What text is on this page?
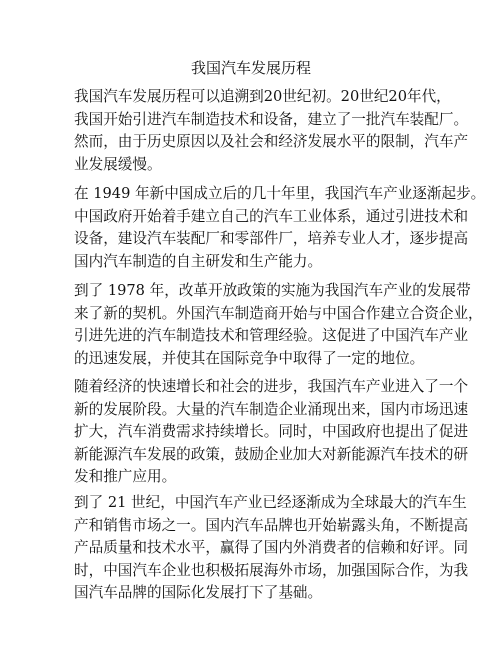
我国汽车发展历程
我国汽车发展历程可以追溯到20世纪初。20世纪20年代，
我国开始引进汽车制造技术和设备，建立了一批汽车装配厂。
然而，由于历史原因以及社会和经济发展水平的限制，汽车产
业发展缓慢。
在 1949 年新中国成立后的几十年里，我国汽车产业逐渐起步。
中国政府开始着手建立自己的汽车工业体系，通过引进技术和
设备，建设汽车装配厂和零部件厂，培养专业人才，逐步提高
国内汽车制造的自主研发和生产能力。
到了 1978 年，改革开放政策的实施为我国汽车产业的发展带
来了新的契机。外国汽车制造商开始与中国合作建立合资企业，
引进先进的汽车制造技术和管理经验。这促进了中国汽车产业
的迅速发展，并使其在国际竞争中取得了一定的地位。
随着经济的快速增长和社会的进步，我国汽车产业进入了一个
新的发展阶段。大量的汽车制造企业涌现出来，国内市场迅速
扩大，汽车消费需求持续增长。同时，中国政府也提出了促进
新能源汽车发展的政策，鼓励企业加大对新能源汽车技术的研
发和推广应用。
到了 21 世纪，中国汽车产业已经逐渐成为全球最大的汽车生
产和销售市场之一。国内汽车品牌也开始崭露头角，不断提高
产品质量和技术水平，赢得了国内外消费者的信赖和好评。同
时，中国汽车企业也积极拓展海外市场，加强国际合作，为我
国汽车品牌的国际化发展打下了基础。
